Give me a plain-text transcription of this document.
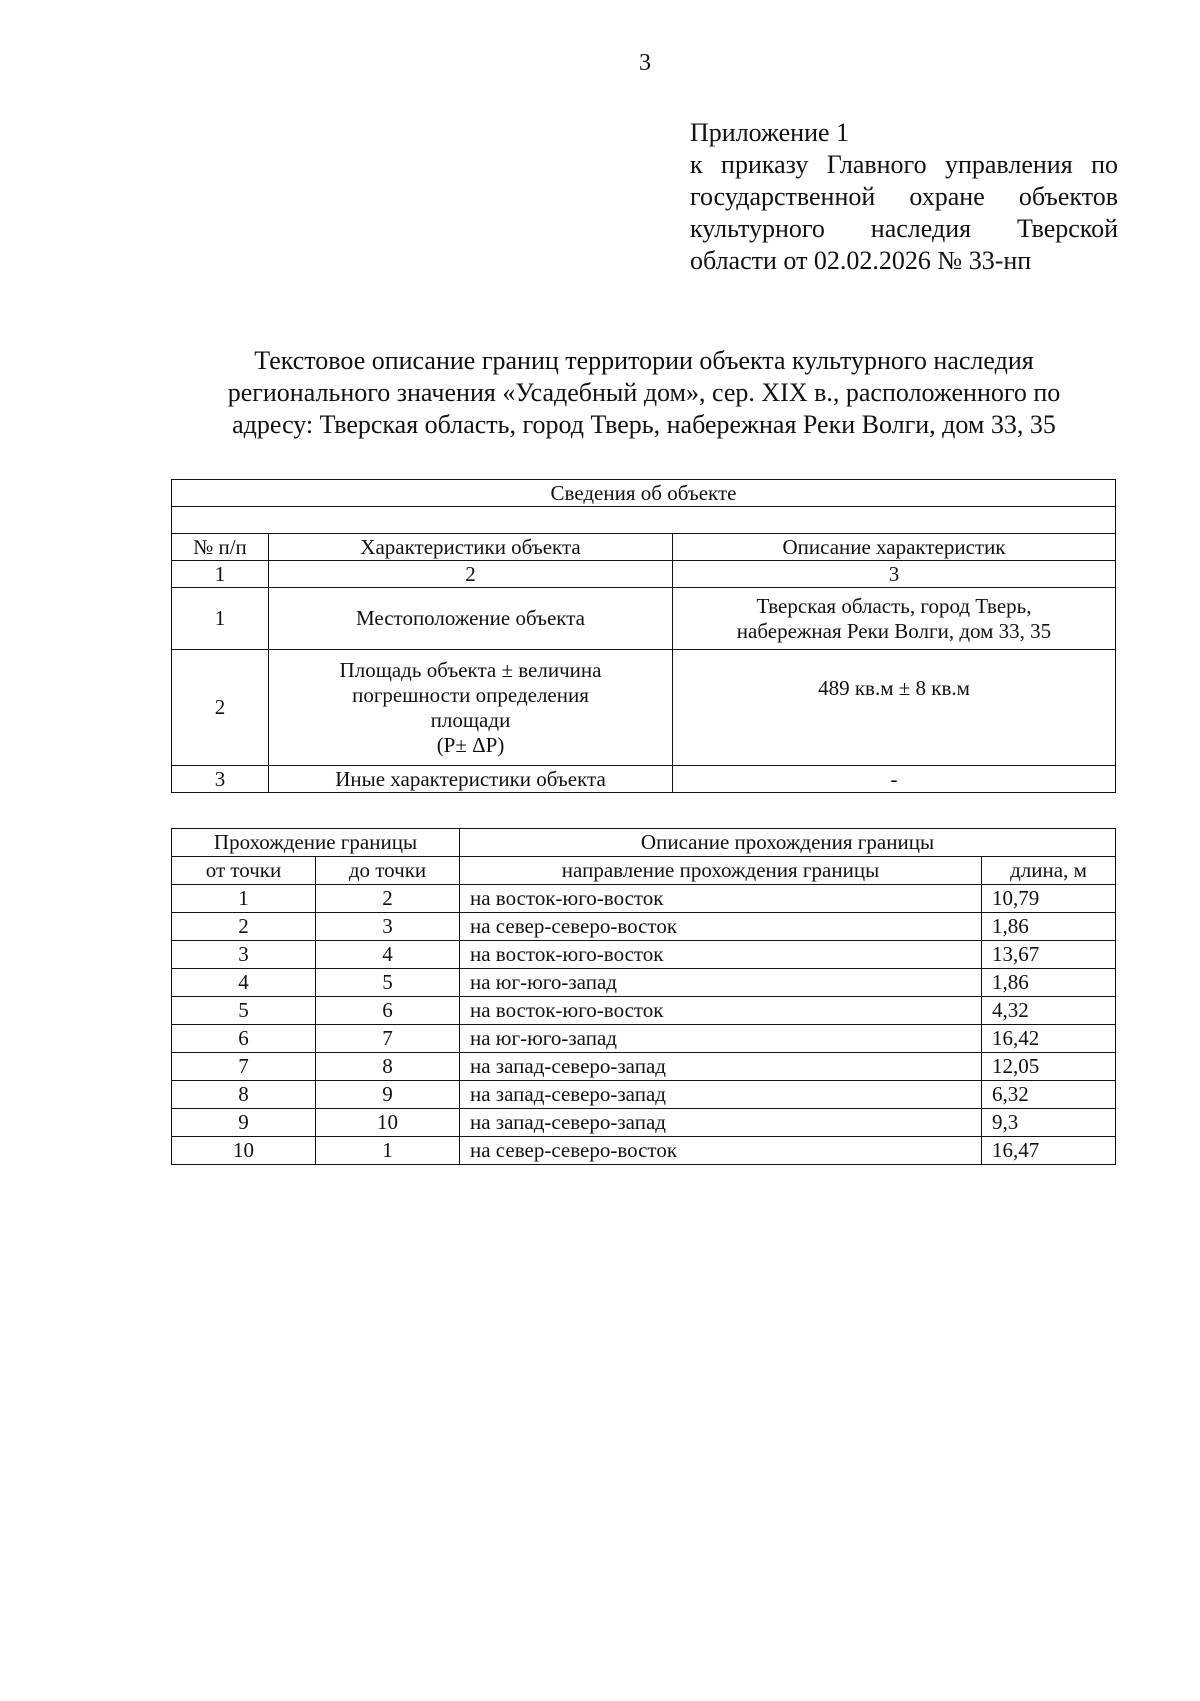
3
Приложение 1
к приказу Главного управления по
государственной охране объектов
культурного наследия Тверской
области от 02.02.2026 № 33-нп
Текстовое описание границ территории объекта культурного наследия
регионального значения «Усадебный дом», сер. XIX в., расположенного по
адресу: Тверская область, город Тверь, набережная Реки Волги, дом 33, 35
Сведения об объекте		

№ п/п	Характеристики объекта	Описание характеристик
1	2	3
1	Местоположение объекта	Тверская область, город Тверь,
набережная Реки Волги, дом 33, 35

2	Площадь объекта ± величина
погрешности определения
площади
(P± ΔP)	489 кв.м ± 8 кв.м

3	Иные характеристики объекта	-
Прохождение границы		Описание прохождения границы	
от точки	до точки	направление прохождения границы	длина, м
1	2	на восток-юго-восток	10,79
2	3	на север-северо-восток	1,86
3	4	на восток-юго-восток	13,67
4	5	на юг-юго-запад	1,86
5	6	на восток-юго-восток	4,32
6	7	на юг-юго-запад	16,42
7	8	на запад-северо-запад	12,05
8	9	на запад-северо-запад	6,32
9	10	на запад-северо-запад	9,3
10	1	на север-северо-восток	16,47
